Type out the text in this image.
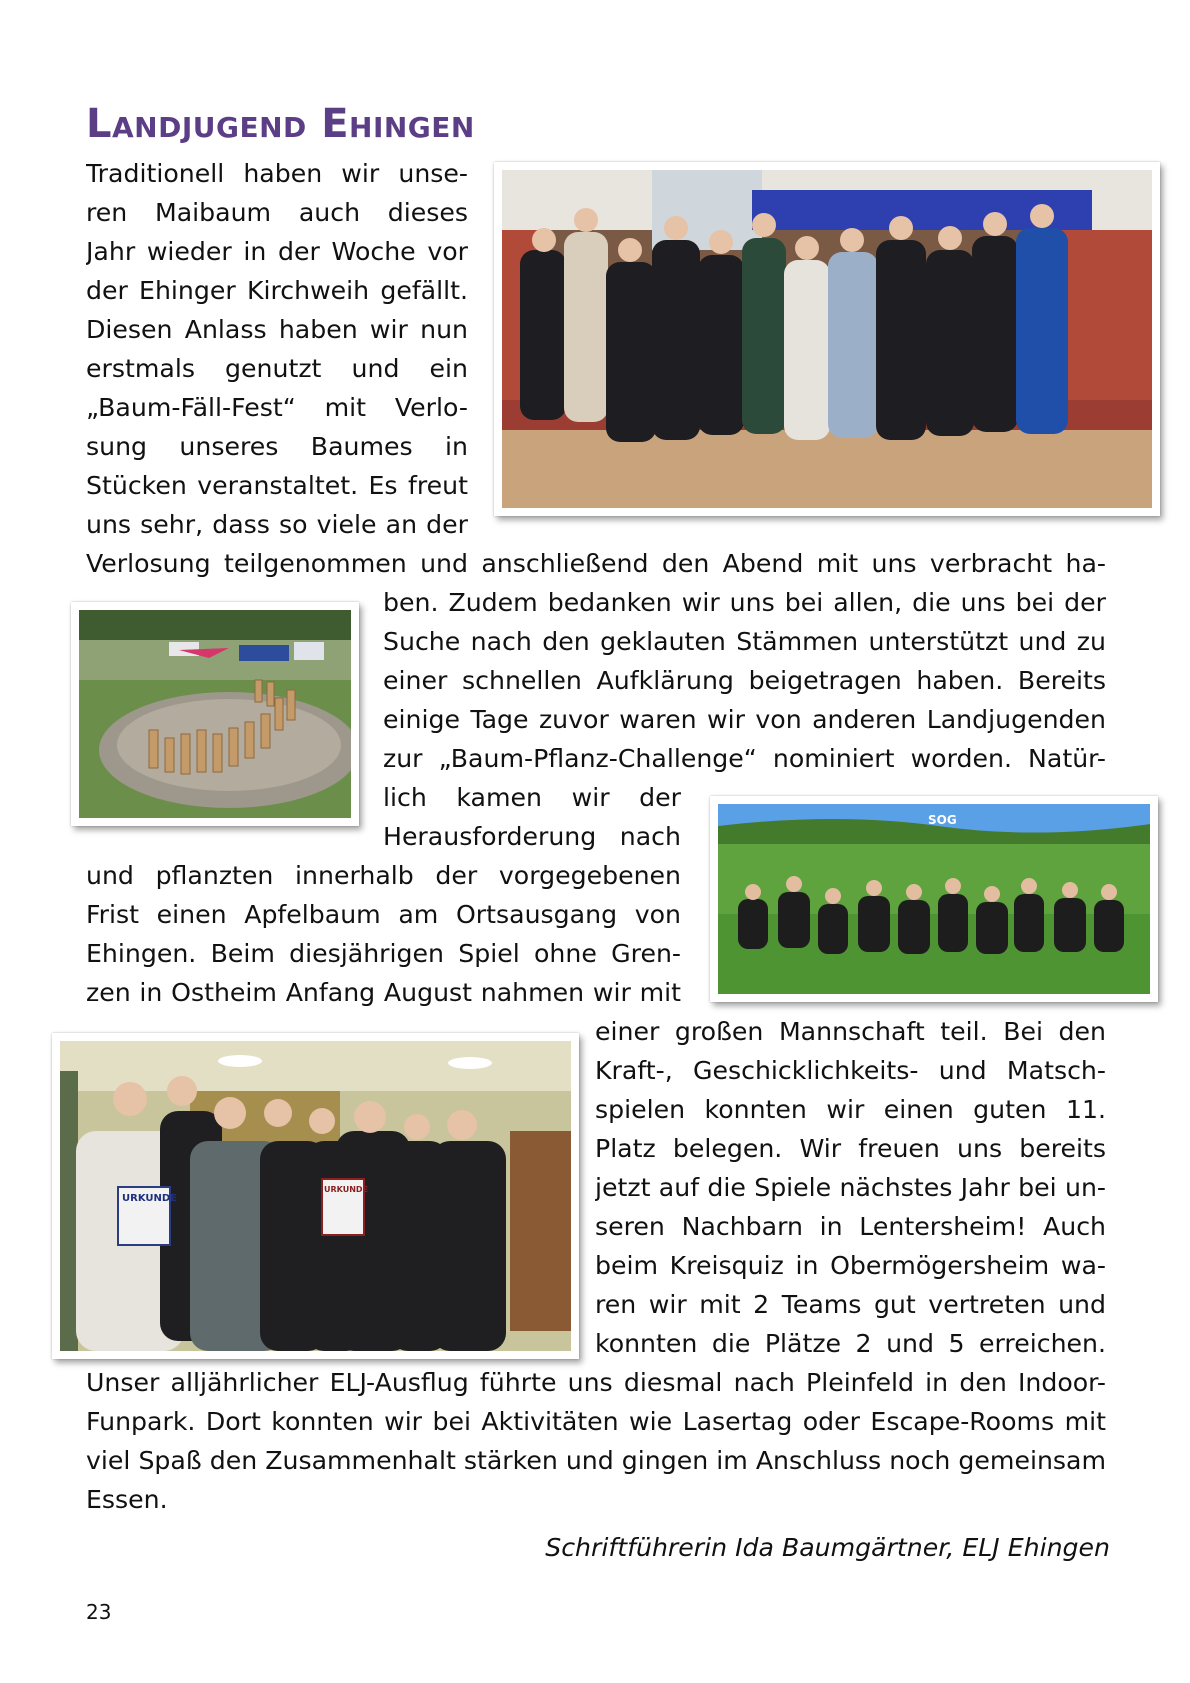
Landjugend Ehingen
SOG
URKUNDE
URKUNDE

Traditionell haben wir unse-

ren Maibaum auch dieses

Jahr wieder in der Woche vor

der Ehinger Kirchweih gefällt.

Diesen Anlass haben wir nun

erstmals genutzt und ein

„Baum-Fäll-Fest“ mit Verlo-

sung unseres Baumes in

Stücken veranstaltet. Es freut

uns sehr, dass so viele an der

Verlosung teilgenommen und anschließend den Abend mit uns verbracht ha-

ben. Zudem bedanken wir uns bei allen, die uns bei der

Suche nach den geklauten Stämmen unterstützt und zu

einer schnellen Aufklärung beigetragen haben. Bereits

einige Tage zuvor waren wir von anderen Landjugenden

zur „Baum-Pflanz-Challenge“ nominiert worden. Natür-

lich kamen wir der

Herausforderung nach

und pflanzten innerhalb der vorgegebenen

Frist einen Apfelbaum am Ortsausgang von

Ehingen. Beim diesjährigen Spiel ohne Gren-

zen in Ostheim Anfang August nahmen wir mit

einer großen Mannschaft teil. Bei den

Kraft-, Geschicklichkeits- und Matsch-

spielen konnten wir einen guten 11.

Platz belegen. Wir freuen uns bereits

jetzt auf die Spiele nächstes Jahr bei un-

seren Nachbarn in Lentersheim! Auch

beim Kreisquiz in Obermögersheim wa-

ren wir mit 2 Teams gut vertreten und

konnten die Plätze 2 und 5 erreichen.

Unser alljährlicher ELJ-Ausflug führte uns diesmal nach Pleinfeld in den Indoor-

Funpark. Dort konnten wir bei Aktivitäten wie Lasertag oder Escape-Rooms mit

viel Spaß den Zusammenhalt stärken und gingen im Anschluss noch gemeinsam

Essen.

Schriftführerin Ida Baumgärtner, ELJ Ehingen

23
